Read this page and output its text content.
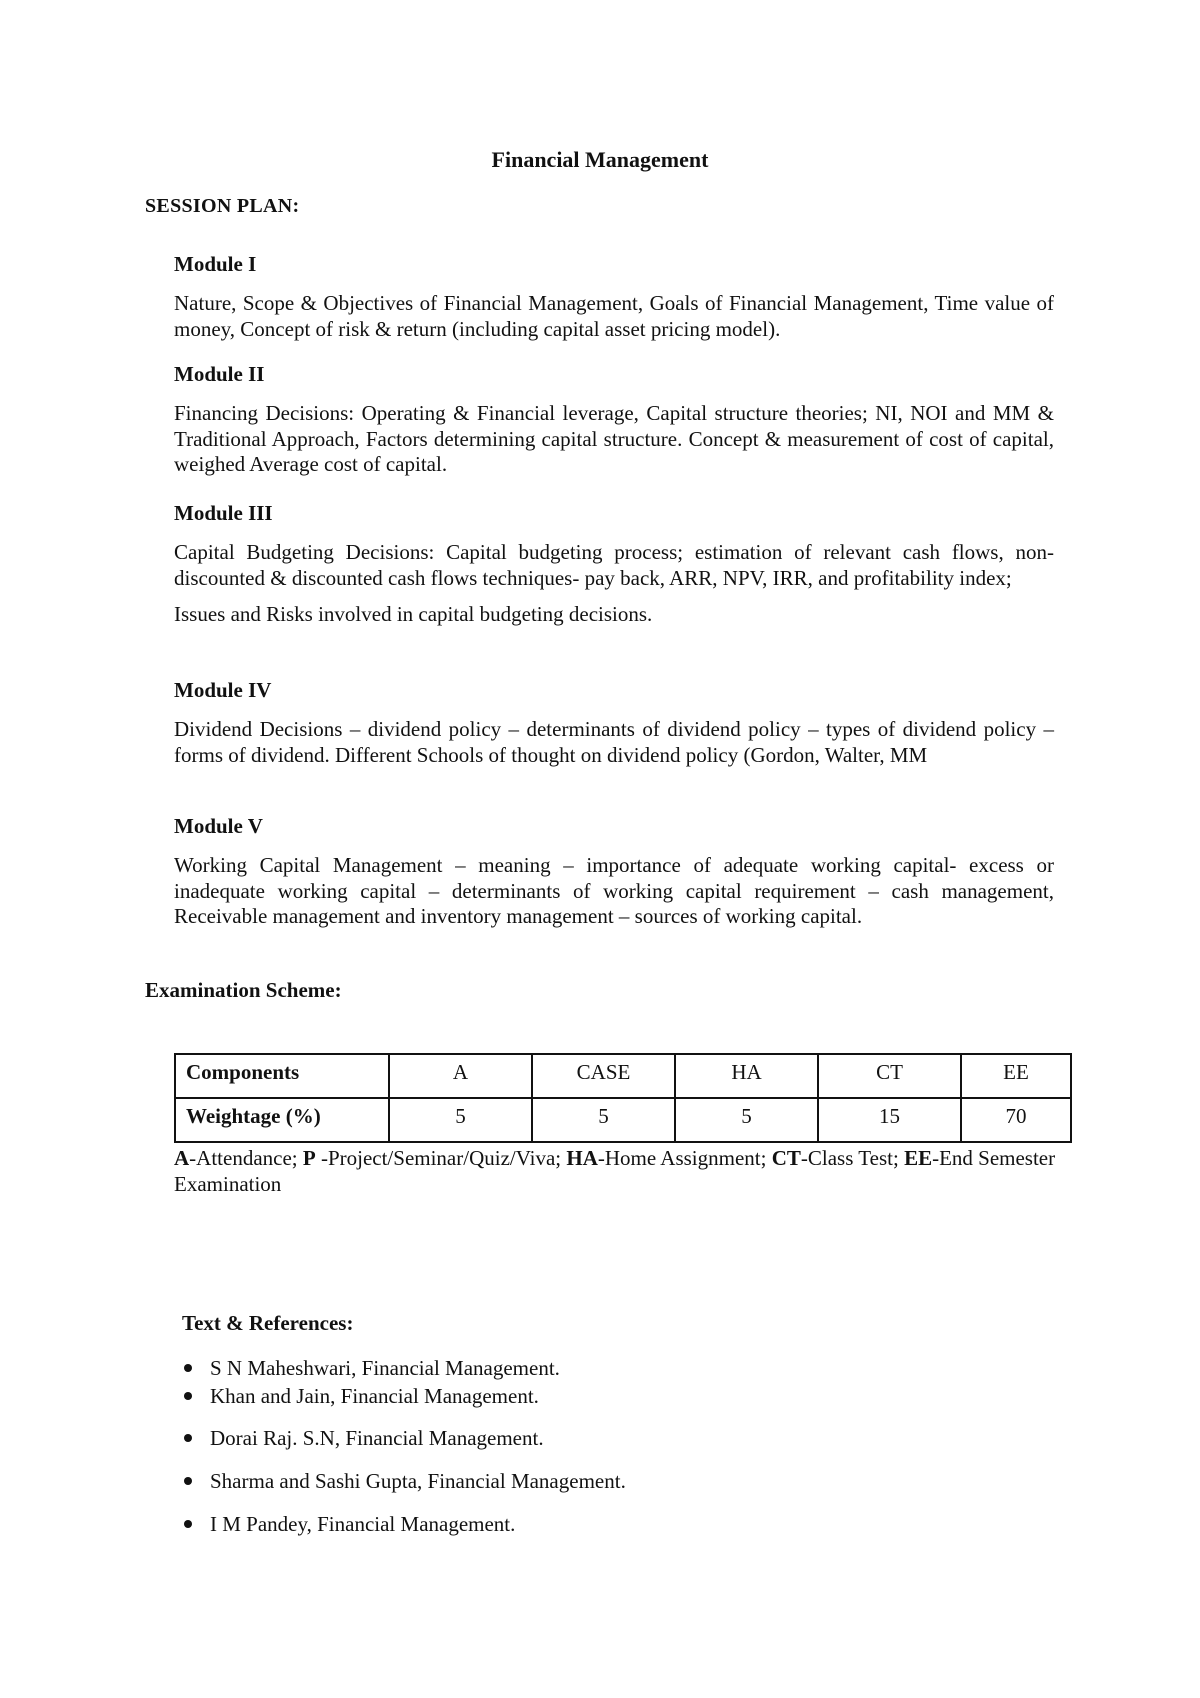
Financial Management
SESSION PLAN:

Module I

Nature, Scope & Objectives of Financial Management, Goals of Financial Management, Time value of money, Concept of risk & return (including capital asset pricing model).

Module II

Financing Decisions: Operating & Financial leverage, Capital structure theories; NI, NOI and MM & Traditional Approach, Factors determining capital structure. Concept & measurement of cost of capital, weighed Average cost of capital.

Module III

Capital Budgeting Decisions: Capital budgeting process; estimation of relevant cash flows, non-discounted & discounted cash flows techniques- pay back, ARR, NPV, IRR, and profitability index;

Issues and Risks involved in capital budgeting decisions.

Module IV

Dividend Decisions – dividend policy – determinants of dividend policy – types of dividend policy – forms of dividend. Different Schools of thought on dividend policy (Gordon, Walter, MM

Module V

Working Capital Management – meaning – importance of adequate working capital- excess or inadequate working capital – determinants of working capital requirement – cash management, Receivable management and inventory management – sources of working capital.

Examination Scheme:
Components	A	CASE	HA	CT	EE
Weightage (%)	5	5	5	15	70
A-Attendance; P -Project/Seminar/Quiz/Viva; HA-Home Assignment; CT-Class Test; EE-End Semester Examination
Text & References:
S N Maheshwari, Financial Management.
Khan and Jain, Financial Management.
Dorai Raj. S.N, Financial Management.
Sharma and Sashi Gupta, Financial Management.
I M Pandey, Financial Management.
